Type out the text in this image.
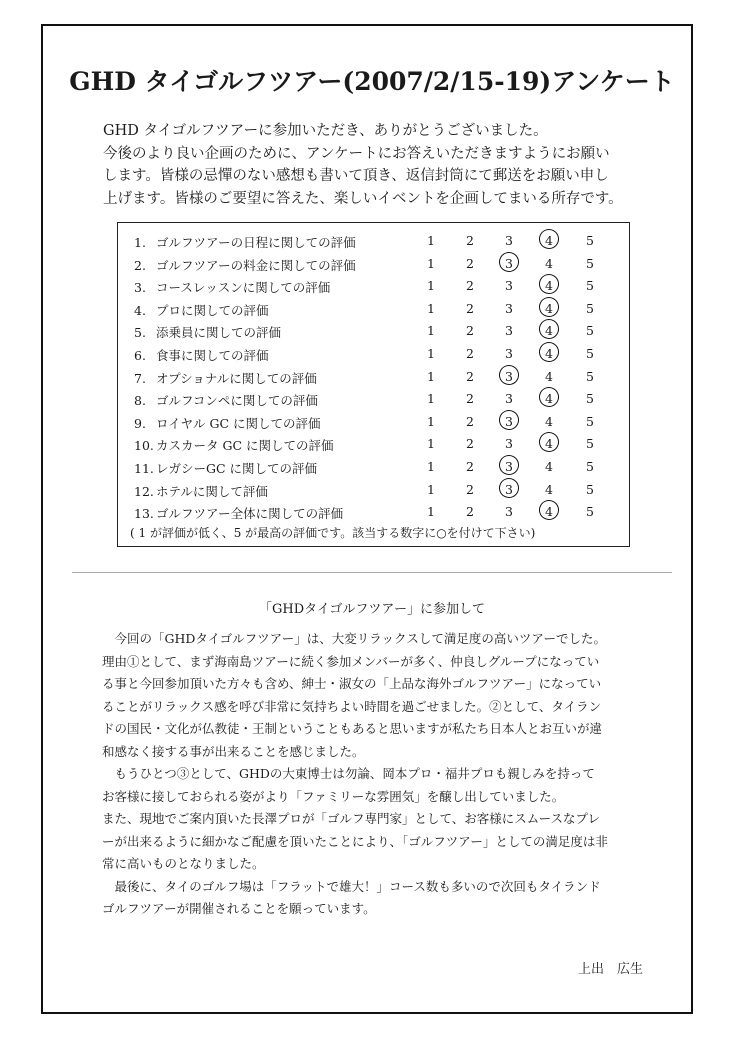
GHD タイゴルフツアー(2007/2/15-19)アンケート
GHD タイゴルフツアーに参加いただき、ありがとうございました。
今後のより良い企画のために、アンケートにお答えいただきますようにお願い
します。皆様の忌憚のない感想も書いて頂き、返信封筒にて郵送をお願い申し
上げます。皆様のご要望に答えた、楽しいイベントを企画してまいる所存です。
1. ゴルフツアーの日程に関しての評価	1 2 3	4	5
2. ゴルフツアーの料金に関しての評価	1 2 3	4	5
3. コースレッスンに関しての評価	1 2 3	4	5
4. プロに関しての評価	1 2 3	4	5
5. 添乗員に関しての評価	1 2 3	4	5
6. 食事に関しての評価	1 2 3	4	5
7. オプショナルに関しての評価	1 2 3	4	5
8. ゴルフコンペに関しての評価	1 2 3	4	5
9. ロイヤル GC に関しての評価	1 2 3	4	5
10. カスカータ GC に関しての評価	1 2 3	4	5
11. レガシーGC に関しての評価	1 2 3	4	5
12. ホテルに関して評価	1 2 3	4	5
13. ゴルフツアー全体に関しての評価	1 2 3	4	5
( 1 が評価が低く、5 が最高の評価です。該当する数字に○を付けて下さい)
「GHDタイゴルフツアー」に参加して
　今回の「GHDタイゴルフツアー」は、大変リラックスして満足度の高いツアーでした。
理由①として、まず海南島ツアーに続く参加メンバーが多く、仲良しグループになってい
る事と今回参加頂いた方々も含め、紳士・淑女の「上品な海外ゴルフツアー」になってい
ることがリラックス感を呼び非常に気持ちよい時間を過ごせました。②として、タイラン
ドの国民・文化が仏教徒・王制ということもあると思いますが私たち日本人とお互いが違
和感なく接する事が出来ることを感じました。
　もうひとつ③として、GHDの大東博士は勿論、岡本プロ・福井プロも親しみを持って
お客様に接しておられる姿がより「ファミリーな雰囲気」を醸し出していました。
また、現地でご案内頂いた長澤プロが「ゴルフ専門家」として、お客様にスムースなプレ
ーが出来るように細かなご配慮を頂いたことにより、「ゴルフツアー」としての満足度は非
常に高いものとなりました。
　最後に、タイのゴルフ場は「フラットで雄大！」コース数も多いので次回もタイランド
ゴルフツアーが開催されることを願っています。
上出　広生
